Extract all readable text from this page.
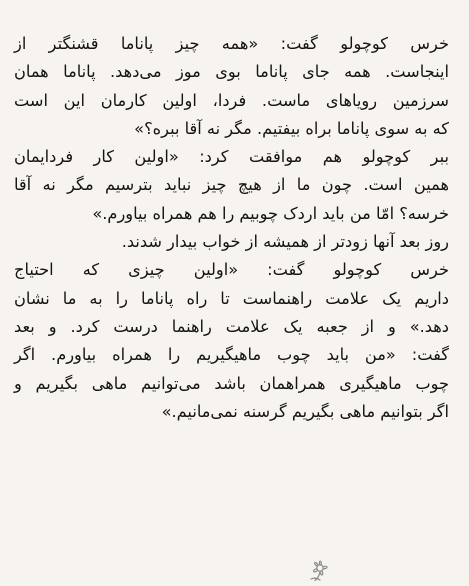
خرس کوچولو گفت: «همه چیز پاناما قشنگتر از
اینجاست. همه جای پاناما بوی موز می‌دهد. پاناما همان
سرزمین رویاهای ماست. فردا، اولین کارمان این است
که به سوی پاناما براه بیفتیم. مگر نه آقا ببره؟»
ببر کوچولو هم موافقت کرد: «اولین کار فردایمان
همین است. چون ما از هیچ چیز نباید بترسیم مگر نه آقا
خرسه؟ امّا من باید اردک چوبیم را هم همراه بیاورم.»
روز بعد آنها زودتر از همیشه از خواب بیدار شدند.
خرس کوچولو گفت: «اولین چیزی که احتیاج
داریم یک علامت راهنماست تا راه پاناما را به ما نشان
دهد.» و از جعبه یک علامت راهنما درست کرد. و بعد
گفت: «من باید چوب ماهیگیریم را همراه بیاورم. اگر
چوب ماهیگیری همراهمان باشد می‌توانیم ماهی بگیریم و
اگر بتوانیم ماهی بگیریم گرسنه نمی‌مانیم.»
